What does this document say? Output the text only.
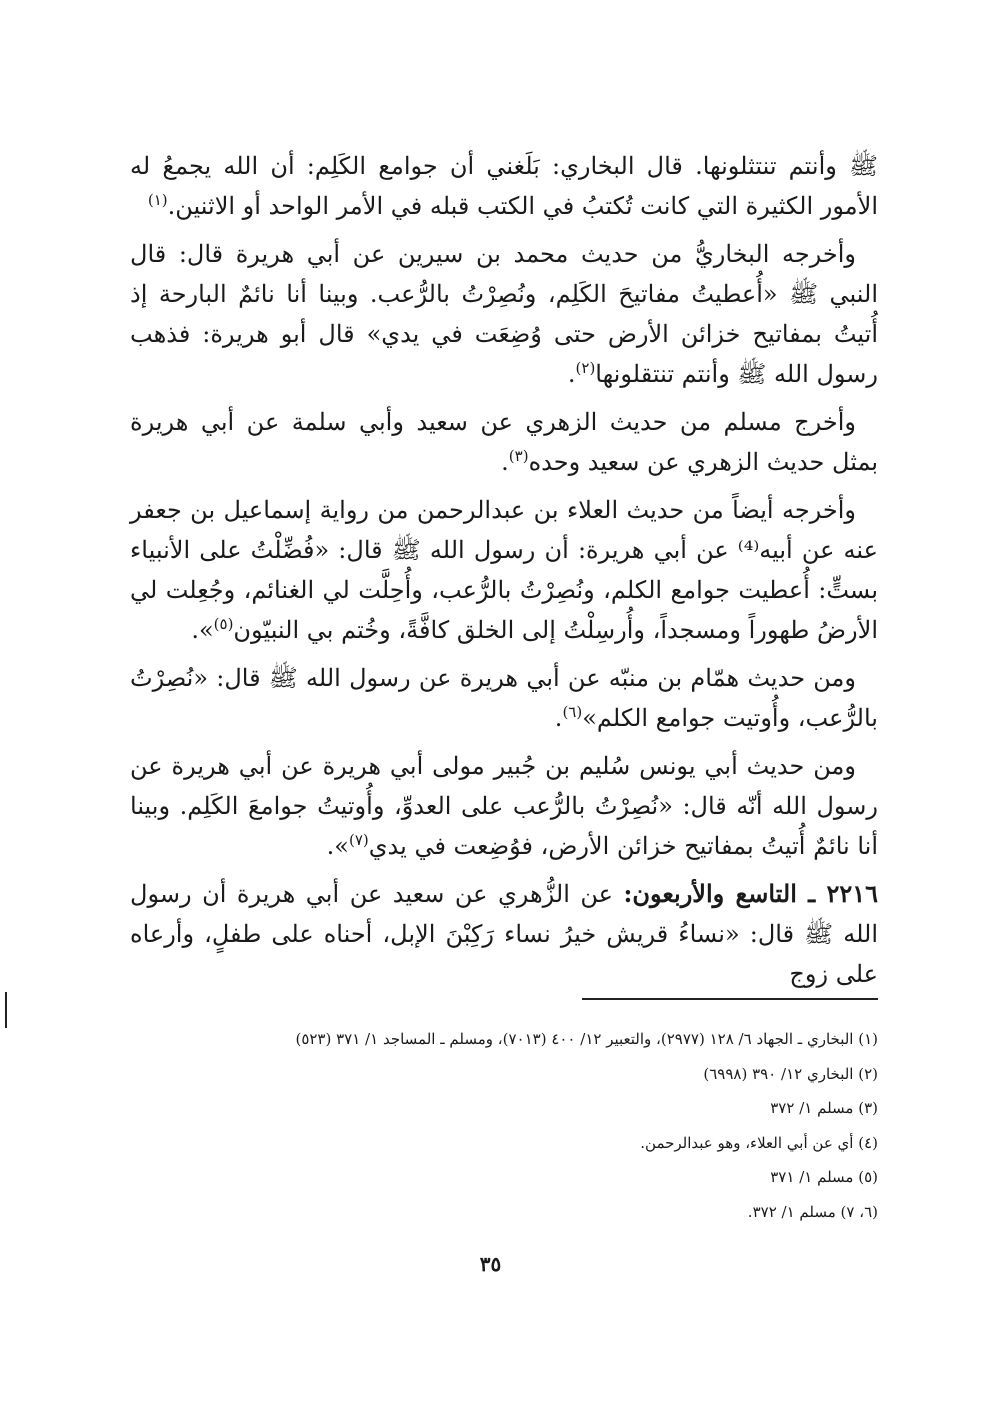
ﷺ وأنتم تنتثلونها. قال البخاري: بَلَغني أن جوامع الكَلِم: أن الله يجمعُ له الأمور الكثيرة التي كانت تُكتبُ في الكتب قبله في الأمر الواحد أو الاثنين.$^{(١)}$

وأخرجه البخاريُّ من حديث محمد بن سيرين عن أبي هريرة قال: قال النبي ﷺ «أُعطيتُ مفاتيحَ الكَلِم، ونُصِرْتُ بالرُّعب. وبينا أنا نائمٌ البارحة إذ أُتيتُ بمفاتيح خزائن الأرض حتى وُضِعَت في يدي» قال أبو هريرة: فذهب رسول الله ﷺ وأنتم تنتقلونها$^{(٢)}$.

وأخرج مسلم من حديث الزهري عن سعيد وأبي سلمة عن أبي هريرة بمثل حديث الزهري عن سعيد وحده$^{(٣)}$.

وأخرجه أيضاً من حديث العلاء بن عبدالرحمن من رواية إسماعيل بن جعفر عنه عن أبيه⁽⁴⁾ عن أبي هريرة: أن رسول الله ﷺ قال: «فُضِّلْتُ على الأنبياء بستٍّ: أُعطيت جوامع الكلم، ونُصِرْتُ بالرُّعب، وأُحِلَّت لي الغنائم، وجُعِلت لي الأرضُ طهوراً ومسجداً، وأُرسِلْتُ إلى الخلق كافَّةً، وخُتم بي النبيّون$^{(٥)}$».

ومن حديث همّام بن منبّه عن أبي هريرة عن رسول الله ﷺ قال: «نُصِرْتُ بالرُّعب، وأُوتيت جوامع الكلم»$^{(٦)}$.

ومن حديث أبي يونس سُليم بن جُبير مولى أبي هريرة عن أبي هريرة عن رسول الله أنّه قال: «نُصِرْتُ بالرُّعب على العدوِّ، وأُوتيتُ جوامعَ الكَلِم. وبينا أنا نائمٌ أُتيتُ بمفاتيح خزائن الأرض، فوُضِعت في يدي$^{(٧)}$».

٢٢١٦ ـ التاسع والأربعون: عن الزُّهري عن سعيد عن أبي هريرة أن رسول الله ﷺ قال: «نساءُ قريش خيرُ نساء رَكِبْنَ الإبل، أحناه على طفلٍ، وأرعاه على زوج

(١) البخاري ـ الجهاد ٦/ ١٢٨ (٢٩٧٧)، والتعبير ١٢/ ٤٠٠ (٧٠١٣)، ومسلم ـ المساجد ١/ ٣٧١ (٥٢٣)

(٢) البخاري ١٢/ ٣٩٠ (٦٩٩٨)

(٣) مسلم ١/ ٣٧٢

(٤) أي عن أبي العلاء، وهو عبدالرحمن.

(٥) مسلم ١/ ٣٧١

(٦، ٧) مسلم ١/ ٣٧٢.

٣٥
